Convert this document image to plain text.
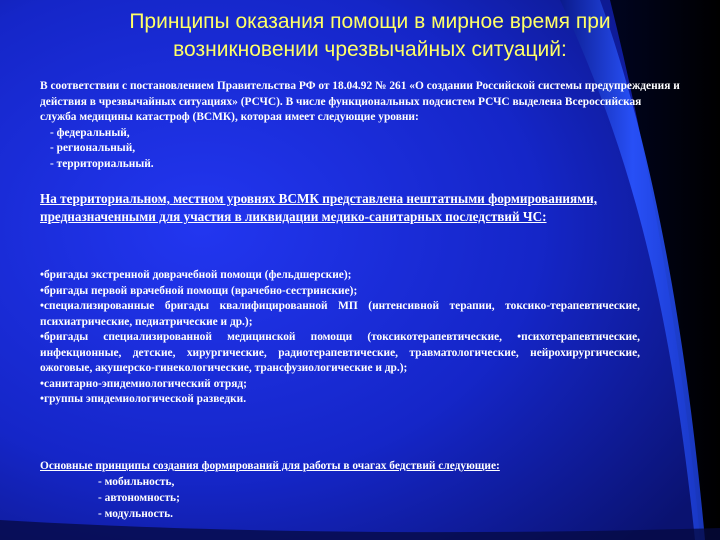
Принципы оказания помощи в мирное время при
возникновении чрезвычайных ситуаций:
В соответствии с постановлением Правительства РФ от 18.04.92 № 261 «О создании Российской системы предупреждения и действия в чрезвычайных ситуациях» (РСЧС). В числе функциональных подсистем РСЧС выделена Всероссийская служба медицины катастроф (ВСМК), которая имеет следующие уровни:
- федеральный,
- региональный,
- территориальный.
На территориальном, местном уровнях ВСМК представлена нештатными формированиями, предназначенными для участия в ликвидации медико-санитарных последствий ЧС:
•бригады экстренной доврачебной помощи (фельдшерские);
•бригады первой врачебной помощи (врачебно-сестринские);
•специализированные бригады квалифицированной МП (интенсивной терапии, токсико-терапевтические, психиатрические, педиатрические и др.);
•бригады специализированной медицинской помощи (токсикотерапевтические, •психотерапевтические, инфекционные, детские, хирургические, радиотерапевтические, травматологические, нейрохирургические, ожоговые, акушерско-гинекологические, трансфузиологические и др.);
•санитарно-эпидемиологический отряд;
•группы эпидемиологической разведки.
Основные принципы создания формирований для работы в очагах бедствий следующие:
- мобильность,
- автономность;
- модульность.
